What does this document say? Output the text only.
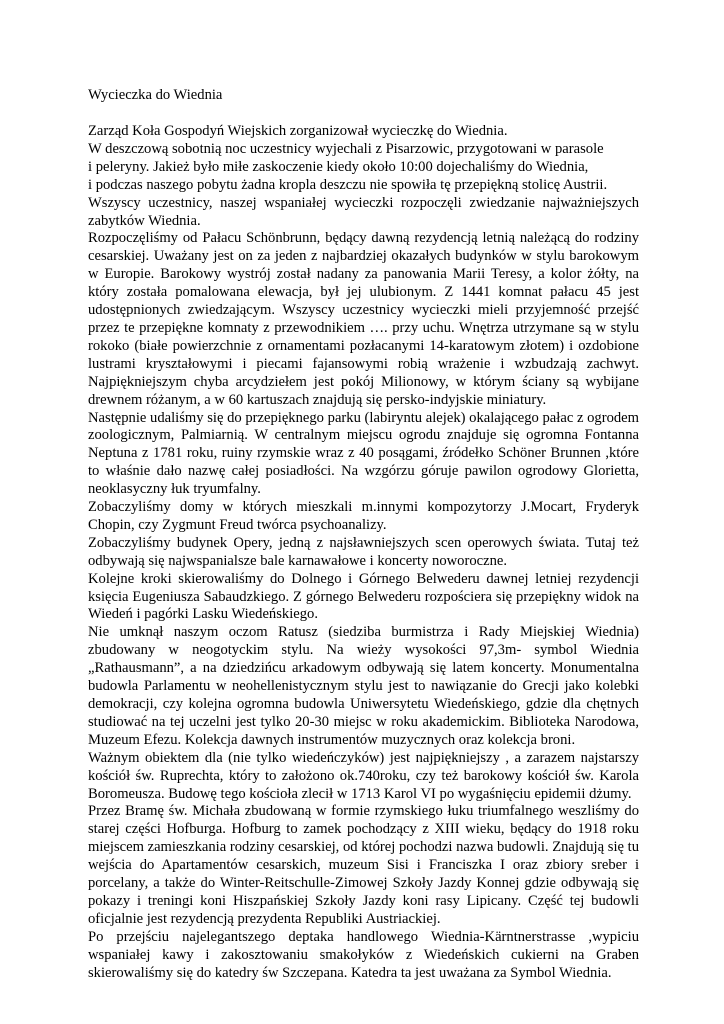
Wycieczka do Wiednia
Zarząd Koła Gospodyń Wiejskich zorganizował wycieczkę do Wiednia.
W deszczową sobotnią noc uczestnicy wyjechali z Pisarzowic, przygotowani w parasole
i peleryny. Jakież było miłe zaskoczenie kiedy około 10:00 dojechaliśmy do Wiednia,
i podczas naszego pobytu żadna kropla deszczu nie spowiła tę przepiękną stolicę Austrii.

Wszyscy uczestnicy, naszej wspaniałej wycieczki rozpoczęli zwiedzanie najważniejszych zabytków Wiednia.

Rozpoczęliśmy od Pałacu Schönbrunn, będący dawną rezydencją letnią należącą do rodziny cesarskiej. Uważany jest on za jeden z najbardziej okazałych budynków w stylu barokowym w Europie. Barokowy wystrój został nadany za panowania Marii Teresy, a kolor żółty, na który została pomalowana elewacja, był jej ulubionym. Z 1441 komnat pałacu 45 jest udostępnionych zwiedzającym. Wszyscy uczestnicy wycieczki mieli przyjemność przejść przez te przepiękne komnaty z przewodnikiem …. przy uchu. Wnętrza utrzymane są w stylu rokoko (białe powierzchnie z ornamentami pozłacanymi 14-karatowym złotem) i ozdobione lustrami kryształowymi i piecami fajansowymi robią wrażenie i wzbudzają zachwyt. Najpiękniejszym chyba arcydziełem jest pokój Milionowy, w którym ściany są wybijane drewnem różanym, a w 60 kartuszach znajdują się persko-indyjskie miniatury.

Następnie udaliśmy się do przepięknego parku (labiryntu alejek) okalającego pałac z ogrodem zoologicznym, Palmiarnią. W centralnym miejscu ogrodu znajduje się ogromna Fontanna Neptuna z 1781 roku, ruiny rzymskie wraz z 40 posągami, źródełko Schöner Brunnen ,które to właśnie dało nazwę całej posiadłości. Na wzgórzu góruje pawilon ogrodowy Glorietta, neoklasyczny łuk tryumfalny.

Zobaczyliśmy domy w których mieszkali m.innymi kompozytorzy J.Mocart, Fryderyk Chopin, czy Zygmunt Freud twórca psychoanalizy.

Zobaczyliśmy budynek Opery, jedną z najsławniejszych scen operowych świata. Tutaj też odbywają się najwspanialsze bale karnawałowe i koncerty noworoczne.

Kolejne kroki skierowaliśmy do Dolnego i Górnego Belwederu dawnej letniej rezydencji księcia Eugeniusza Sabaudzkiego. Z górnego Belwederu rozpościera się przepiękny widok na Wiedeń i pagórki Lasku Wiedeńskiego.

Nie umknął naszym oczom Ratusz (siedziba burmistrza i Rady Miejskiej Wiednia) zbudowany w neogotyckim stylu. Na wieży wysokości 97,3m- symbol Wiednia „Rathausmann”, a na dziedzińcu arkadowym odbywają się latem koncerty. Monumentalna budowla Parlamentu w neohellenistycznym stylu jest to nawiązanie do Grecji jako kolebki demokracji, czy kolejna ogromna budowla Uniwersytetu Wiedeńskiego, gdzie dla chętnych studiować na tej uczelni jest tylko 20-30 miejsc w roku akademickim. Biblioteka Narodowa, Muzeum Efezu. Kolekcja dawnych instrumentów muzycznych oraz kolekcja broni.

Ważnym obiektem dla (nie tylko wiedeńczyków) jest najpiękniejszy , a zarazem najstarszy kościół św. Ruprechta, który to założono ok.740roku, czy też barokowy kościół św. Karola Boromeusza. Budowę tego kościoła zlecił w 1713 Karol VI po wygaśnięciu epidemii dżumy.

Przez Bramę św. Michała zbudowaną w formie rzymskiego łuku triumfalnego weszliśmy do starej części Hofburga. Hofburg to zamek pochodzący z XIII wieku, będący do 1918 roku miejscem zamieszkania rodziny cesarskiej, od której pochodzi nazwa budowli. Znajdują się tu wejścia do Apartamentów cesarskich, muzeum Sisi i Franciszka I oraz zbiory sreber i porcelany, a także do Winter-Reitschulle-Zimowej Szkoły Jazdy Konnej gdzie odbywają się pokazy i treningi koni Hiszpańskiej Szkoły Jazdy koni rasy Lipicany. Część tej budowli oficjalnie jest rezydencją prezydenta Republiki Austriackiej.

Po przejściu najelegantszego deptaka handlowego Wiednia-Kärntnerstrasse ,wypiciu wspaniałej kawy i zakosztowaniu smakołyków z Wiedeńskich cukierni na Graben skierowaliśmy się do katedry św Szczepana. Katedra ta jest uważana za Symbol Wiednia.
